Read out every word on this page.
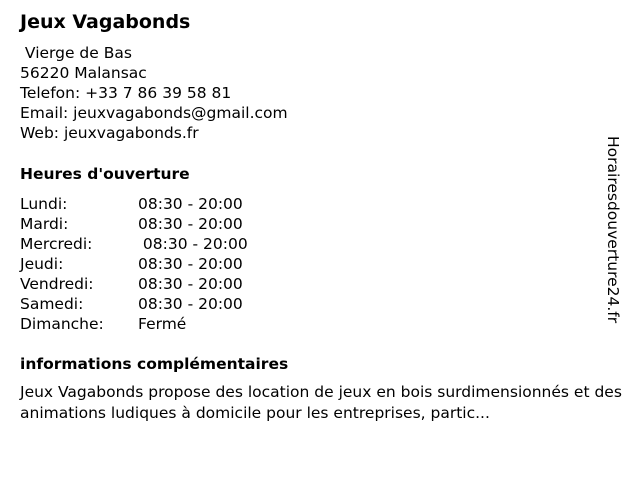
Jeux Vagabonds
Vierge de Bas
56220 Malansac
Telefon: +33 7 86 39 58 81
Email: jeuxvagabonds@gmail.com
Web: jeuxvagabonds.fr
Heures d'ouverture
Lundi:	08:30 - 20:00
Mardi:	08:30 - 20:00
Mercredi:	08:30 - 20:00
Jeudi:	08:30 - 20:00
Vendredi:	08:30 - 20:00
Samedi:	08:30 - 20:00
Dimanche:	Fermé
informations complémentaires
Jeux Vagabonds propose des location de jeux en bois surdimensionnés et des animations ludiques à domicile pour les entreprises, partic...
Horairesdouverture24.fr
